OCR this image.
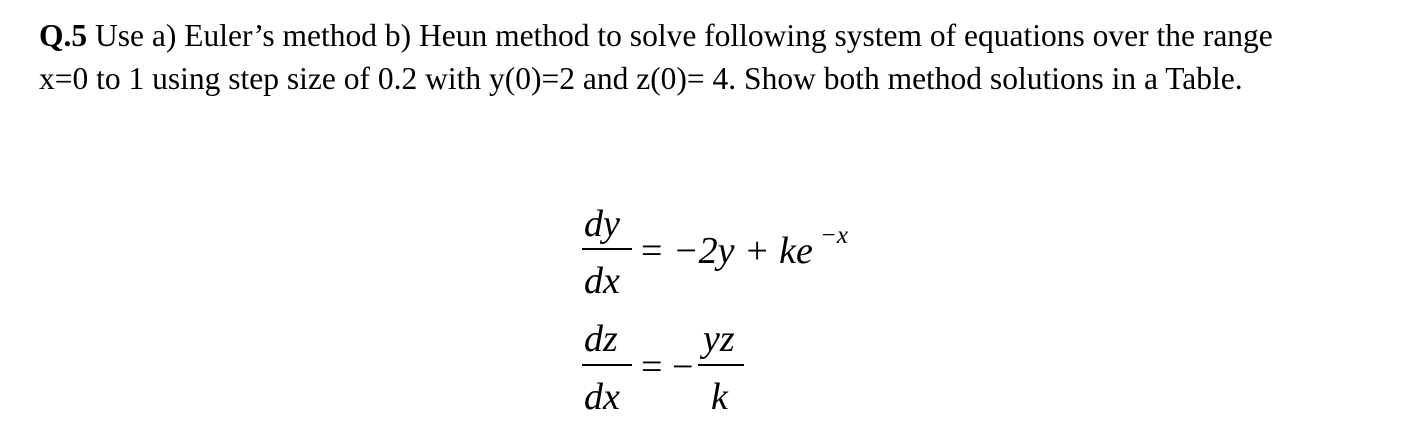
Q.5 Use a) Euler’s method b) Heun method to solve following system of equations over the range
x=0 to 1 using step size of 0.2 with y(0)=2 and z(0)= 4. Show both method solutions in a Table.
dy
dx
= −2y + ke −x
dz
dx
= −
yz
k
